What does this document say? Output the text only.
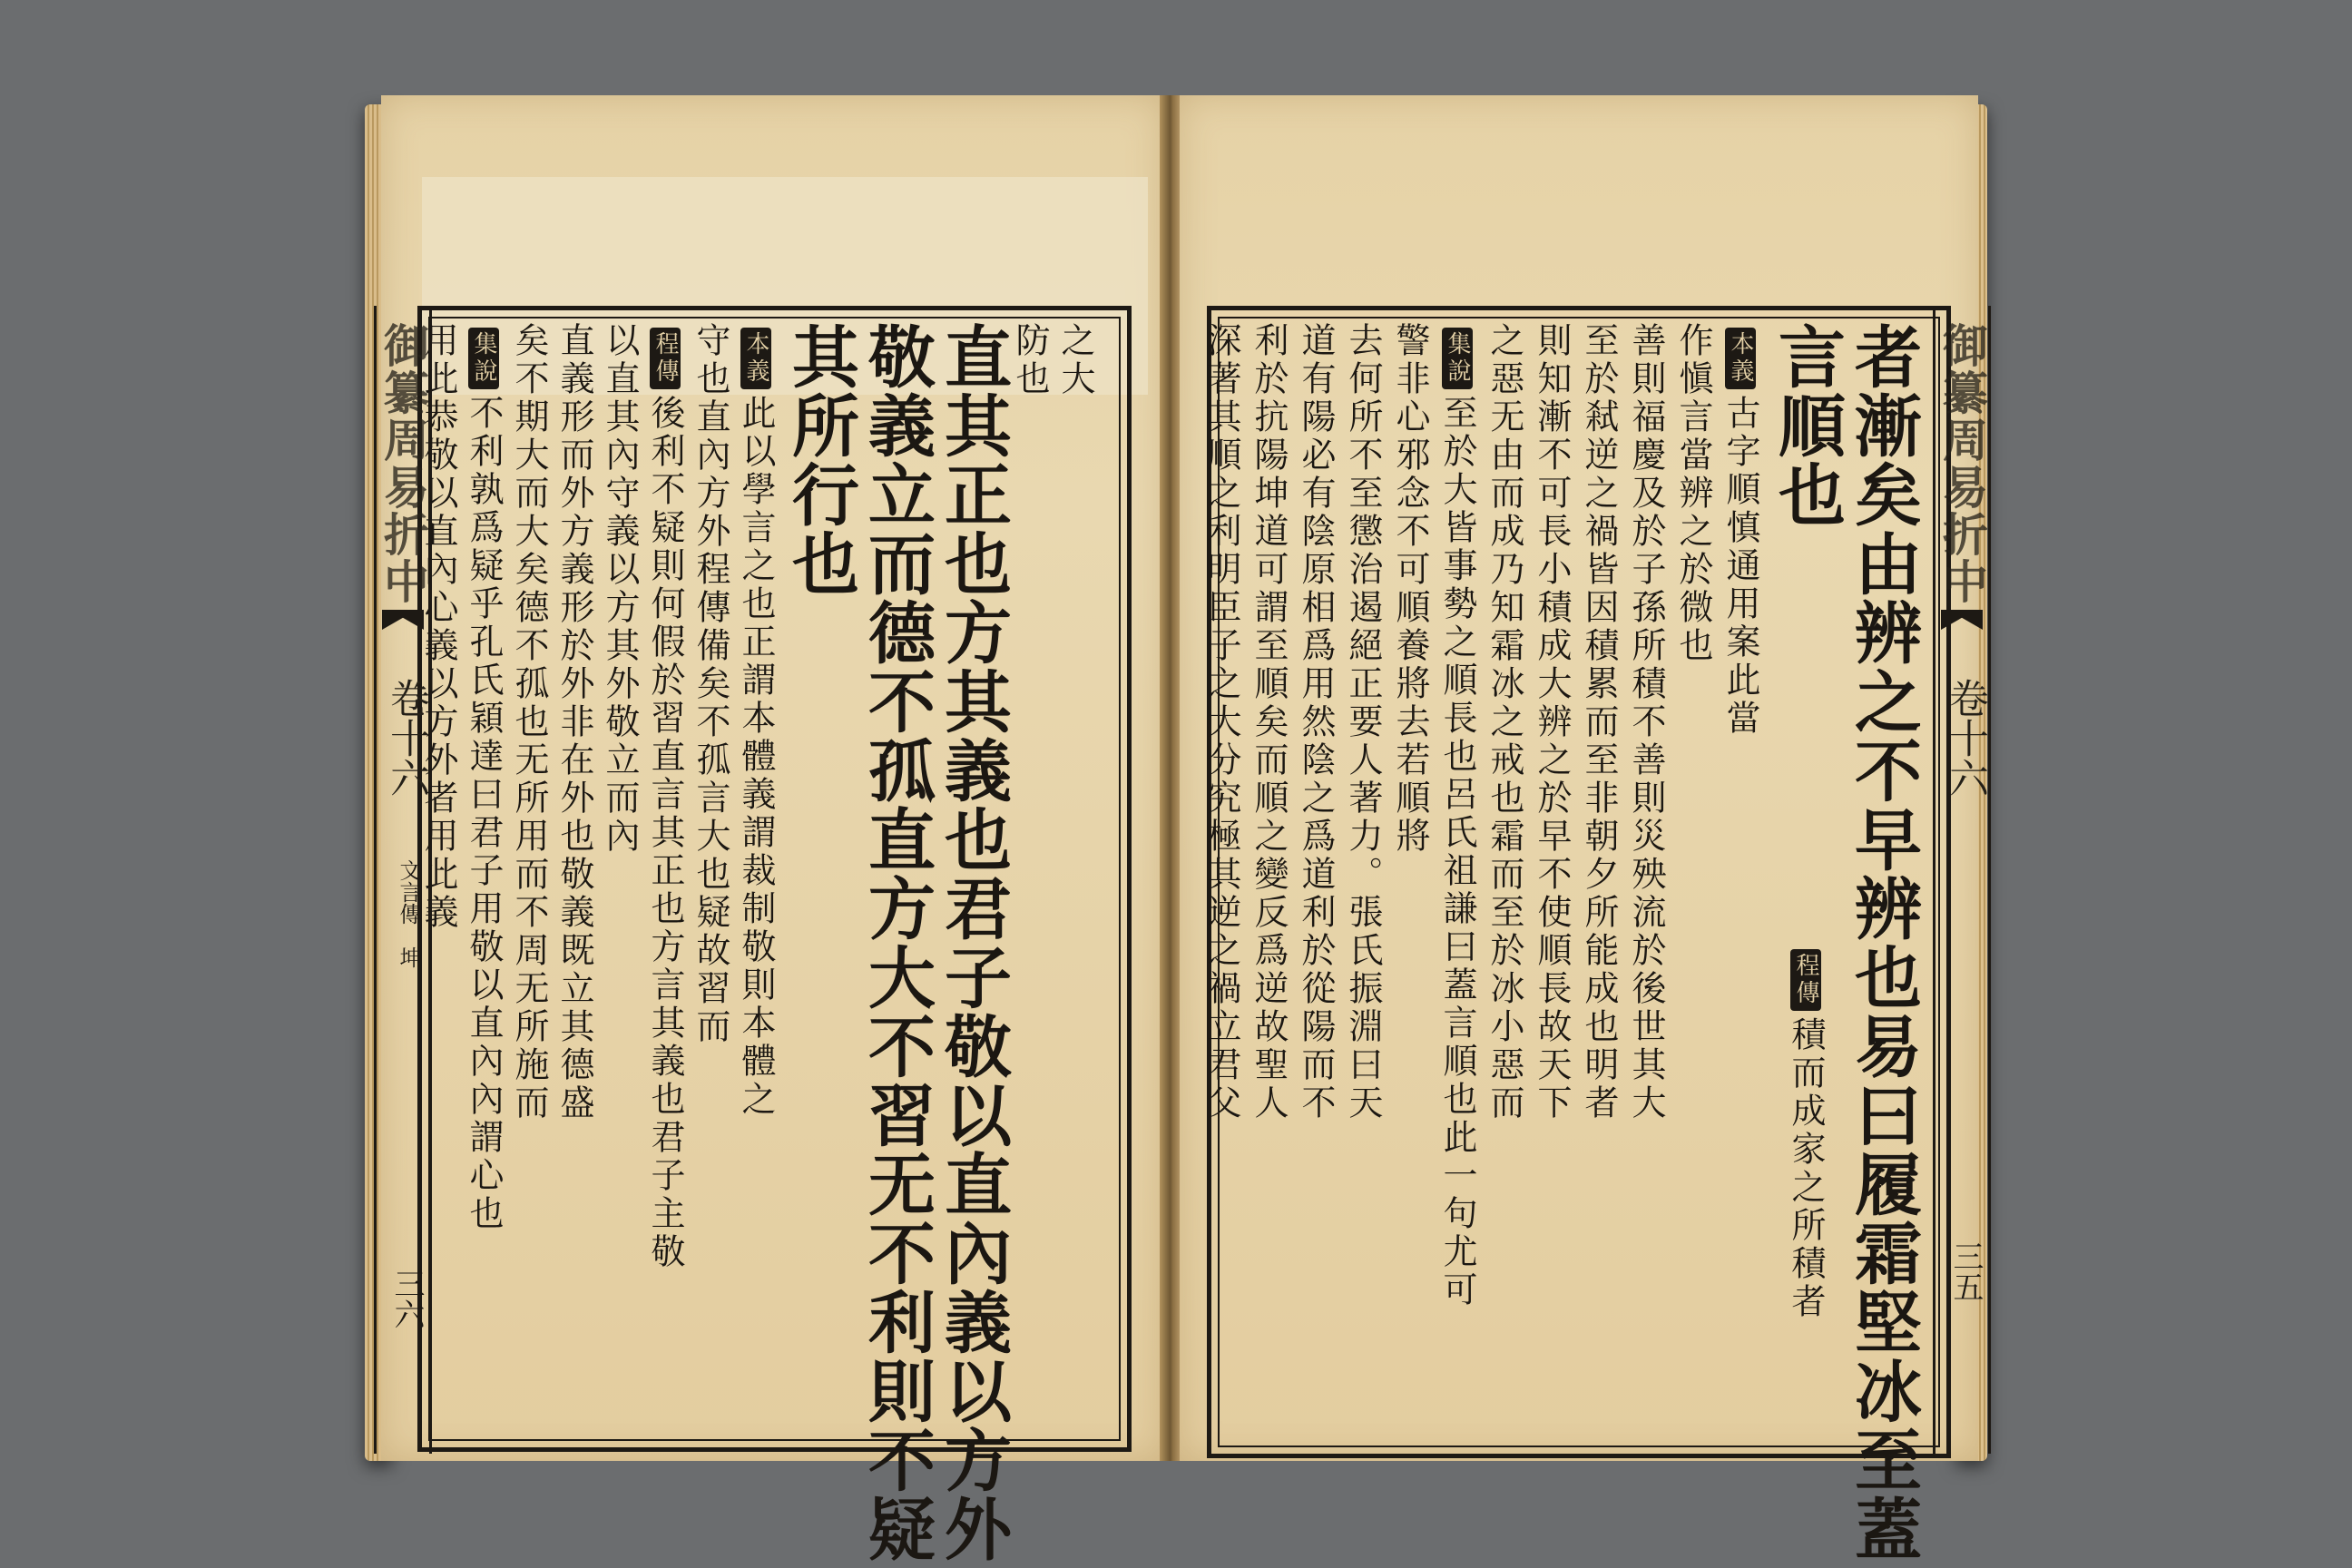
御纂周易折中
卷十六
文言傳　坤
三六
之大
防也
直其正也方其義也君子敬以直內義以方外
敬義立而德不孤直方大不習无不利則不疑
其所行也
本義此以學言之也正謂本體義謂裁制敬則本體之
守也直內方外程傳備矣不孤言大也疑故習而
程傳後利不疑則何假於習直言其正也方言其義也君子主敬
以直其內守義以方其外敬立而內
直義形而外方義形於外非在外也敬義既立其德盛
矣不期大而大矣德不孤也无所用而不周无所施而
集說不利孰爲疑乎孔氏穎達曰君子用敬以直內內謂心也
用此恭敬以直內心義以方外者用此義	御纂周易折中
卷十六
三五
者漸矣由辨之不早辨也易曰履霜堅冰至蓋
言順也
本義古字順慎通用案此當
作愼言當辨之於微也
善則福慶及於子孫所積不善則災殃流於後世其大
至於弒逆之禍皆因積累而至非朝夕所能成也明者
則知漸不可長小積成大辨之於早不使順長故天下
之惡无由而成乃知霜冰之戒也霜而至於冰小惡而
集說至於大皆事勢之順長也呂氏祖謙曰蓋言順也此一句尤可
警非心邪念不可順養將去若順將
去何所不至懲治遏絕正要人著力。張氏振淵曰天
道有陽必有陰原相爲用然陰之爲道利於從陽而不
利於抗陽坤道可謂至順矣而順之變反爲逆故聖人
深著其順之利明臣子之大分究極其逆之禍立君父	程傳積而成家之所積者
